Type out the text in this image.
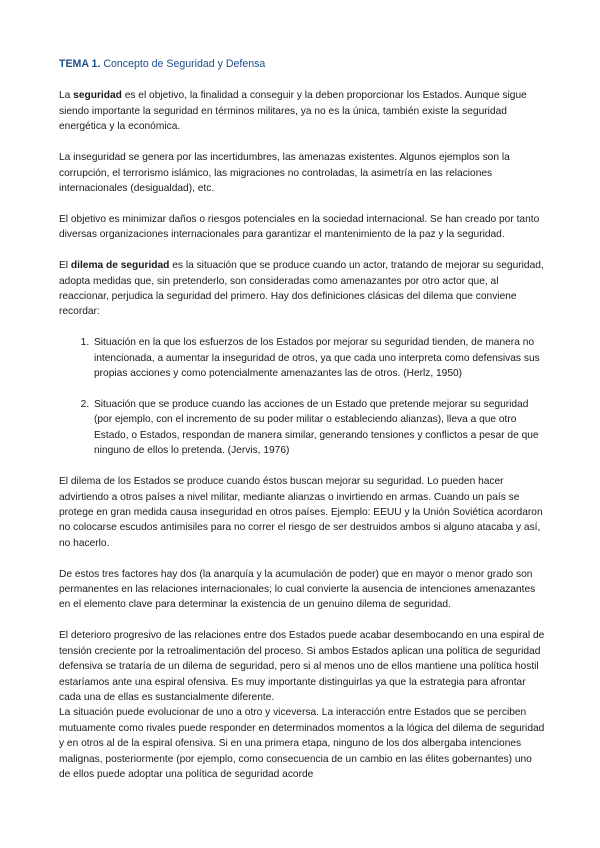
TEMA 1. Concepto de Seguridad y Defensa

La seguridad es el objetivo, la finalidad a conseguir y la deben proporcionar los Estados. Aunque sigue siendo importante la seguridad en términos militares, ya no es la única, también existe la seguridad energética y la económica.

La inseguridad se genera por las incertidumbres, las amenazas existentes. Algunos ejemplos son la corrupción, el terrorismo islámico, las migraciones no controladas, la asimetría en las relaciones internacionales (desigualdad), etc.

El objetivo es minimizar daños o riesgos potenciales en la sociedad internacional. Se han creado por tanto diversas organizaciones internacionales para garantizar el mantenimiento de la paz y la seguridad.

El dilema de seguridad es la situación que se produce cuando un actor, tratando de mejorar su seguridad, adopta medidas que, sin pretenderlo, son consideradas como amenazantes por otro actor que, al reaccionar, perjudica la seguridad del primero. Hay dos definiciones clásicas del dilema que conviene recordar:

1. Situación en la que los esfuerzos de los Estados por mejorar su seguridad tienden, de manera no intencionada, a aumentar la inseguridad de otros, ya que cada uno interpreta como defensivas sus propias acciones y como potencialmente amenazantes las de otros. (Herlz, 1950)
2. Situación que se produce cuando las acciones de un Estado que pretende mejorar su seguridad (por ejemplo, con el incremento de su poder militar o estableciendo alianzas), lleva a que otro Estado, o Estados, respondan de manera similar, generando tensiones y conflictos a pesar de que ninguno de ellos lo pretenda. (Jervis, 1976)

El dilema de los Estados se produce cuando éstos buscan mejorar su seguridad. Lo pueden hacer advirtiendo a otros países a nivel militar, mediante alianzas o invirtiendo en armas. Cuando un país se protege en gran medida causa inseguridad en otros países. Ejemplo: EEUU y la Unión Soviética acordaron no colocarse escudos antimisiles para no correr el riesgo de ser destruidos ambos si alguno atacaba y así, no hacerlo.

De estos tres factores hay dos (la anarquía y la acumulación de poder) que en mayor o menor grado son permanentes en las relaciones internacionales; lo cual convierte la ausencia de intenciones amenazantes en el elemento clave para determinar la existencia de un genuino dilema de seguridad.

El deterioro progresivo de las relaciones entre dos Estados puede acabar desembocando en una espiral de tensión creciente por la retroalimentación del proceso. Si ambos Estados aplican una política de seguridad defensiva se trataría de un dilema de seguridad, pero si al menos uno de ellos mantiene una política hostil estaríamos ante una espiral ofensiva. Es muy importante distinguirlas ya que la estrategia para afrontar cada una de ellas es sustancialmente diferente.
La situación puede evolucionar de uno a otro y viceversa. La interacción entre Estados que se perciben mutuamente como rivales puede responder en determinados momentos a la lógica del dilema de seguridad y en otros al de la espiral ofensiva. Si en una primera etapa, ninguno de los dos albergaba intenciones malignas, posteriormente (por ejemplo, como consecuencia de un cambio en las élites gobernantes) uno de ellos puede adoptar una política de seguridad acorde
